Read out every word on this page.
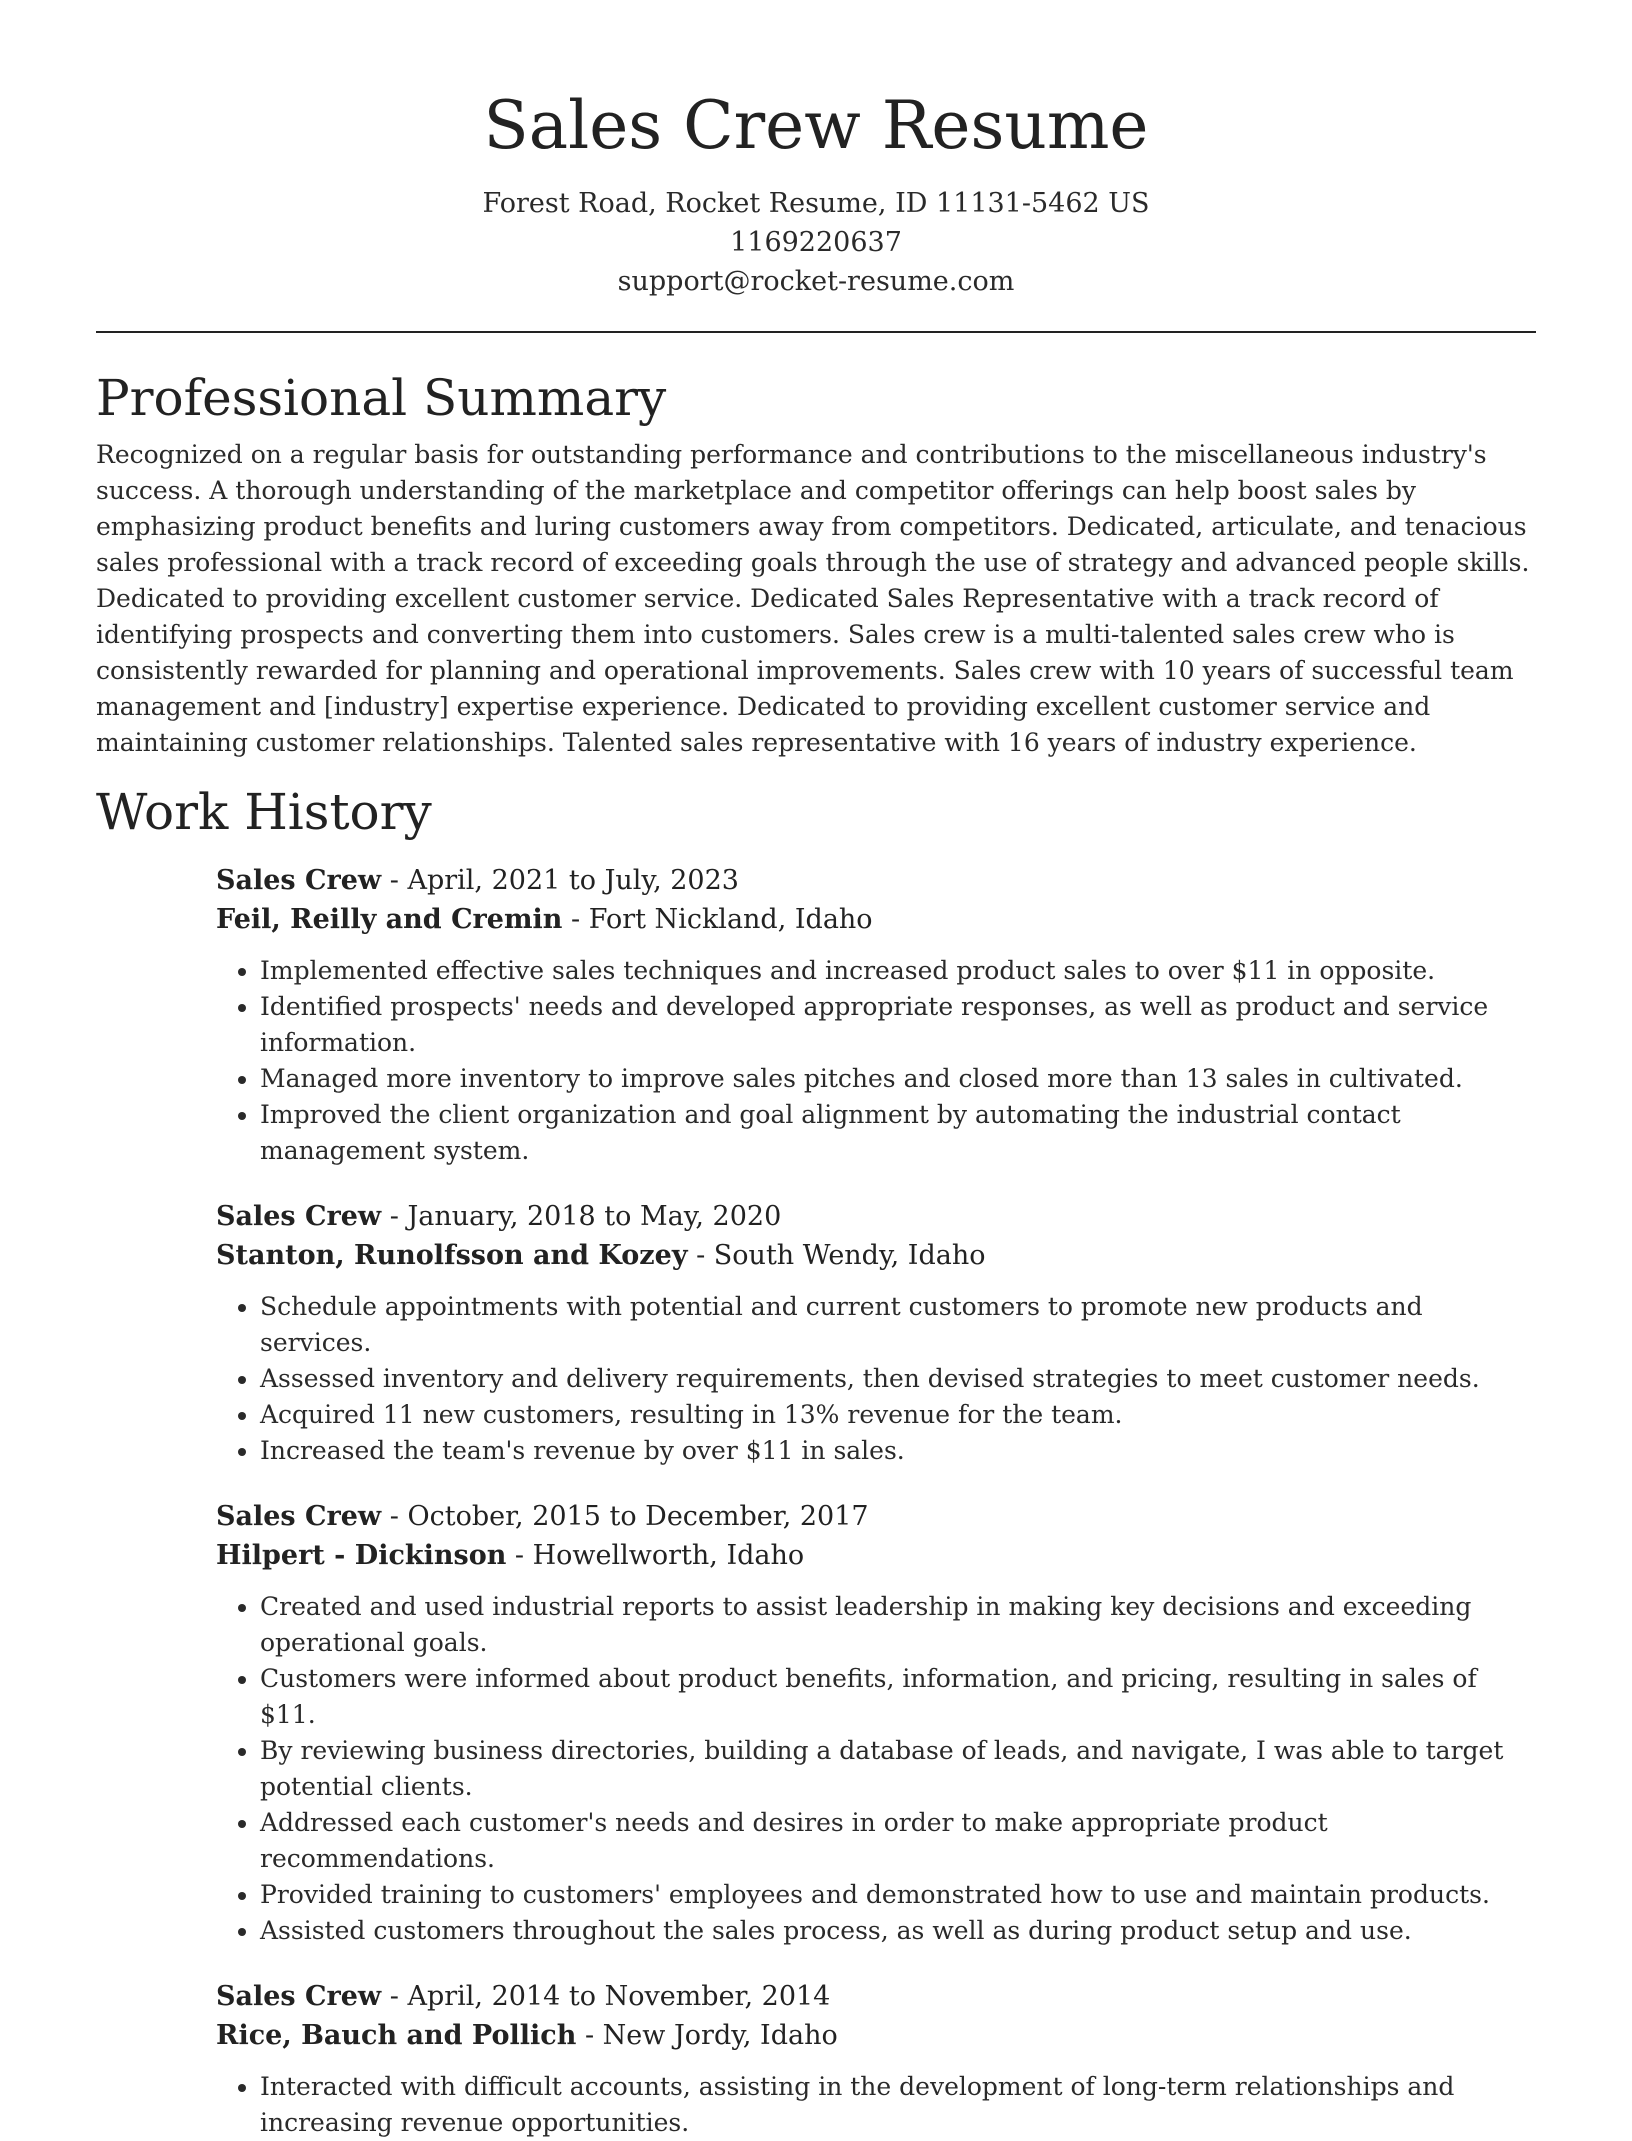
Sales Crew Resume
Forest Road, Rocket Resume, ID 11131-5462 US
1169220637
support@rocket-resume.com
Professional Summary

Recognized on a regular basis for outstanding performance and contributions to the miscellaneous industry's success. A thorough understanding of the marketplace and competitor offerings can help boost sales by emphasizing product benefits and luring customers away from competitors. Dedicated, articulate, and tenacious sales professional with a track record of exceeding goals through the use of strategy and advanced people skills. Dedicated to providing excellent customer service. Dedicated Sales Representative with a track record of identifying prospects and converting them into customers. Sales crew is a multi-talented sales crew who is consistently rewarded for planning and operational improvements. Sales crew with 10 years of successful team management and [industry] expertise experience. Dedicated to providing excellent customer service and maintaining customer relationships. Talented sales representative with 16 years of industry experience.

Work History
Sales Crew - April, 2021 to July, 2023
Feil, Reilly and Cremin - Fort Nickland, Idaho
• Implemented effective sales techniques and increased product sales to over $11 in opposite.
• Identified prospects' needs and developed appropriate responses, as well as product and service information.
• Managed more inventory to improve sales pitches and closed more than 13 sales in cultivated.
• Improved the client organization and goal alignment by automating the industrial contact management system.
Sales Crew - January, 2018 to May, 2020
Stanton, Runolfsson and Kozey - South Wendy, Idaho
• Schedule appointments with potential and current customers to promote new products and services.
• Assessed inventory and delivery requirements, then devised strategies to meet customer needs.
• Acquired 11 new customers, resulting in 13% revenue for the team.
• Increased the team's revenue by over $11 in sales.
Sales Crew - October, 2015 to December, 2017
Hilpert - Dickinson - Howellworth, Idaho
• Created and used industrial reports to assist leadership in making key decisions and exceeding operational goals.
• Customers were informed about product benefits, information, and pricing, resulting in sales of $11.
• By reviewing business directories, building a database of leads, and navigate, I was able to target potential clients.
• Addressed each customer's needs and desires in order to make appropriate product recommendations.
• Provided training to customers' employees and demonstrated how to use and maintain products.
• Assisted customers throughout the sales process, as well as during product setup and use.
Sales Crew - April, 2014 to November, 2014
Rice, Bauch and Pollich - New Jordy, Idaho
• Interacted with difficult accounts, assisting in the development of long-term relationships and increasing revenue opportunities.
